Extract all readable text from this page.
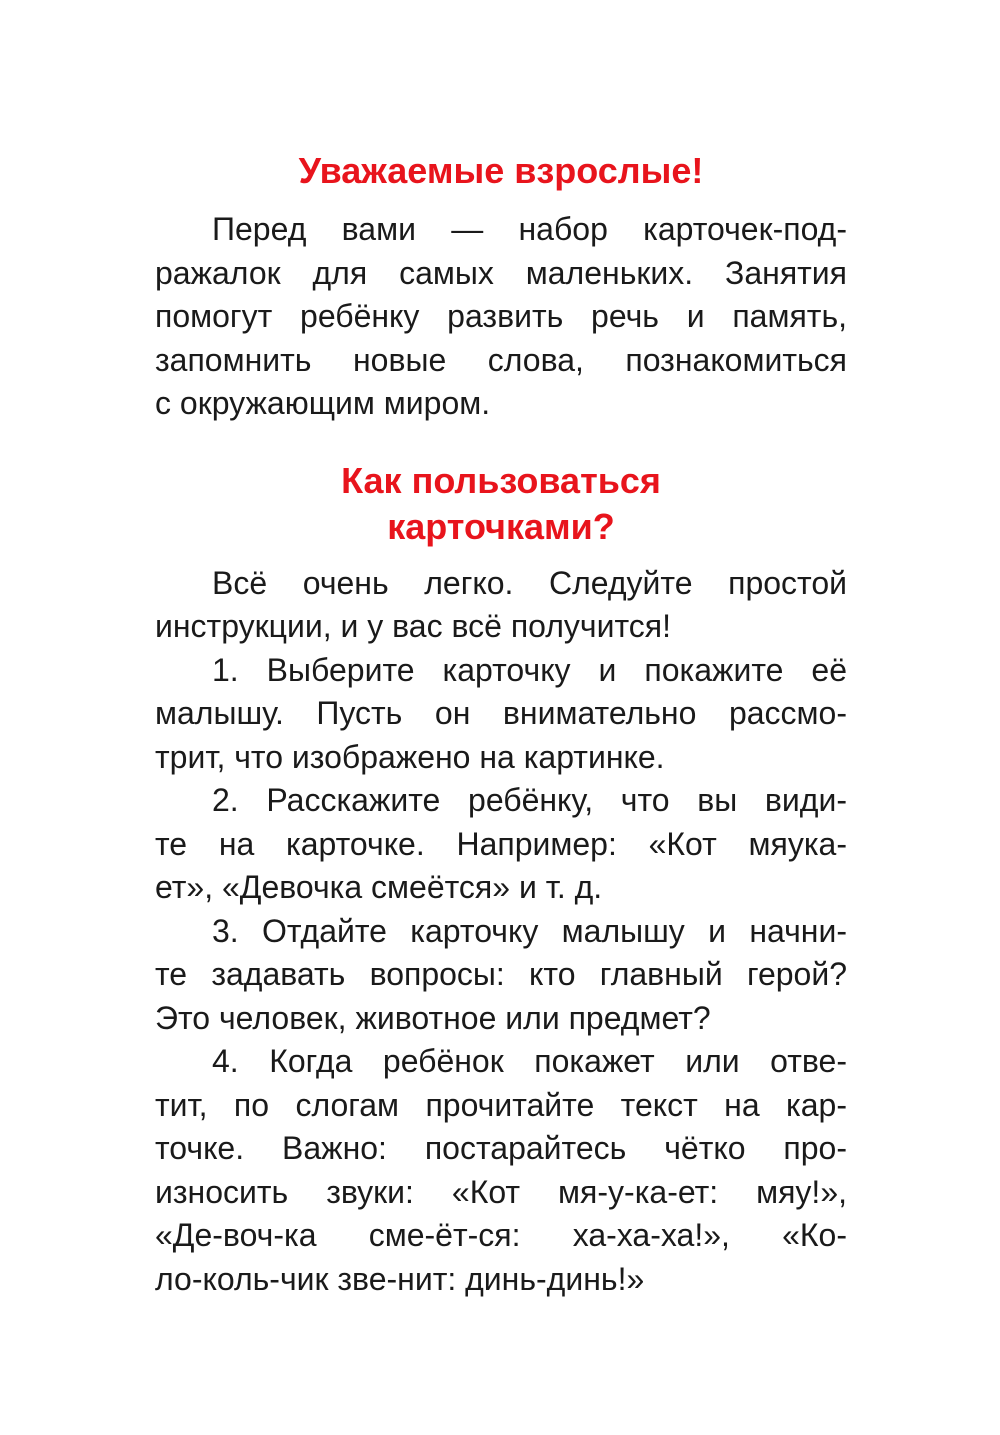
Уважаемые взрослые!

Перед вами — набор карточек-под-
ражалок для самых маленьких. Занятия
помогут ребёнку развить речь и память,
запомнить новые слова, познакомиться
с окружающим миром.

Как пользоваться
карточками?

Всё очень легко. Следуйте простой
инструкции, и у вас всё получится!

1. Выберите карточку и покажите её
малышу. Пусть он внимательно рассмо-
трит, что изображено на картинке.

2. Расскажите ребёнку, что вы види-
те на карточке. Например: «Кот мяука-
ет», «Девочка смеётся» и т. д.

3. Отдайте карточку малышу и начни-
те задавать вопросы: кто главный герой?
Это человек, животное или предмет?

4. Когда ребёнок покажет или отве-
тит, по слогам прочитайте текст на кар-
точке. Важно: постарайтесь чётко про-
износить звуки: «Кот мя-у-ка-ет: мяу!»,
«Де-воч-ка сме-ёт-ся: ха-ха-ха!», «Ко-
ло-коль-чик зве-нит: динь-динь!»
